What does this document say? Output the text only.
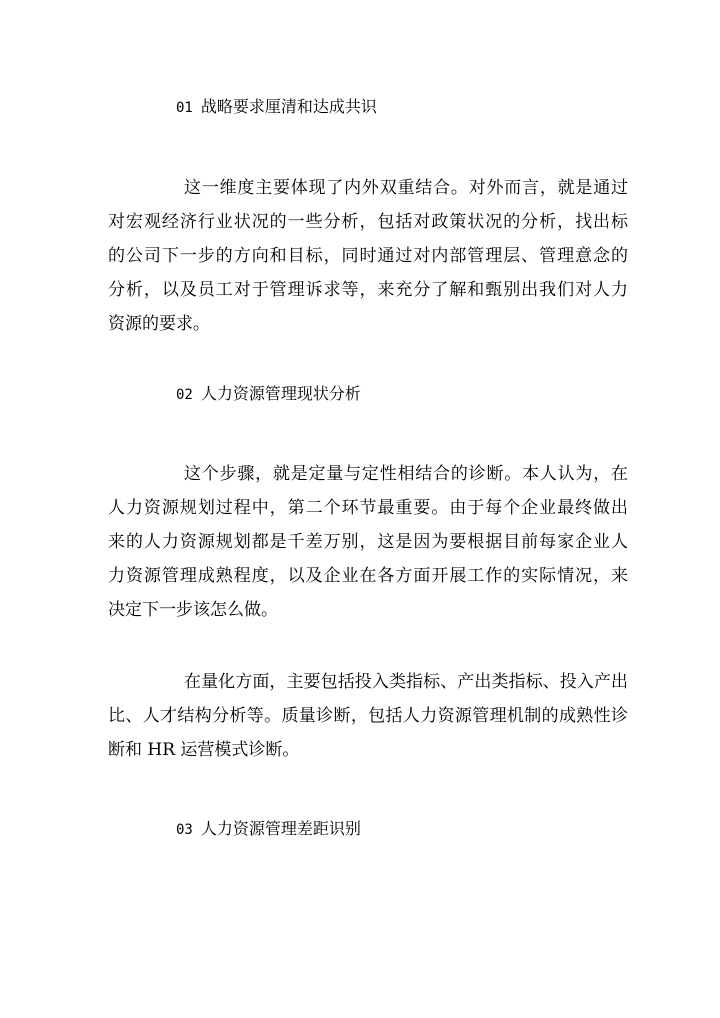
01 战略要求厘清和达成共识
这一维度主要体现了内外双重结合。对外而言，就是通过
对宏观经济行业状况的一些分析，包括对政策状况的分析，找出标
的公司下一步的方向和目标，同时通过对内部管理层、管理意念的
分析，以及员工对于管理诉求等，来充分了解和甄别出我们对人力
资源的要求。
02 人力资源管理现状分析
这个步骤，就是定量与定性相结合的诊断。本人认为，在
人力资源规划过程中，第二个环节最重要。由于每个企业最终做出
来的人力资源规划都是千差万别，这是因为要根据目前每家企业人
力资源管理成熟程度，以及企业在各方面开展工作的实际情况，来
决定下一步该怎么做。
在量化方面，主要包括投入类指标、产出类指标、投入产出
比、人才结构分析等。质量诊断，包括人力资源管理机制的成熟性诊
断和 HR 运营模式诊断。
03 人力资源管理差距识别
